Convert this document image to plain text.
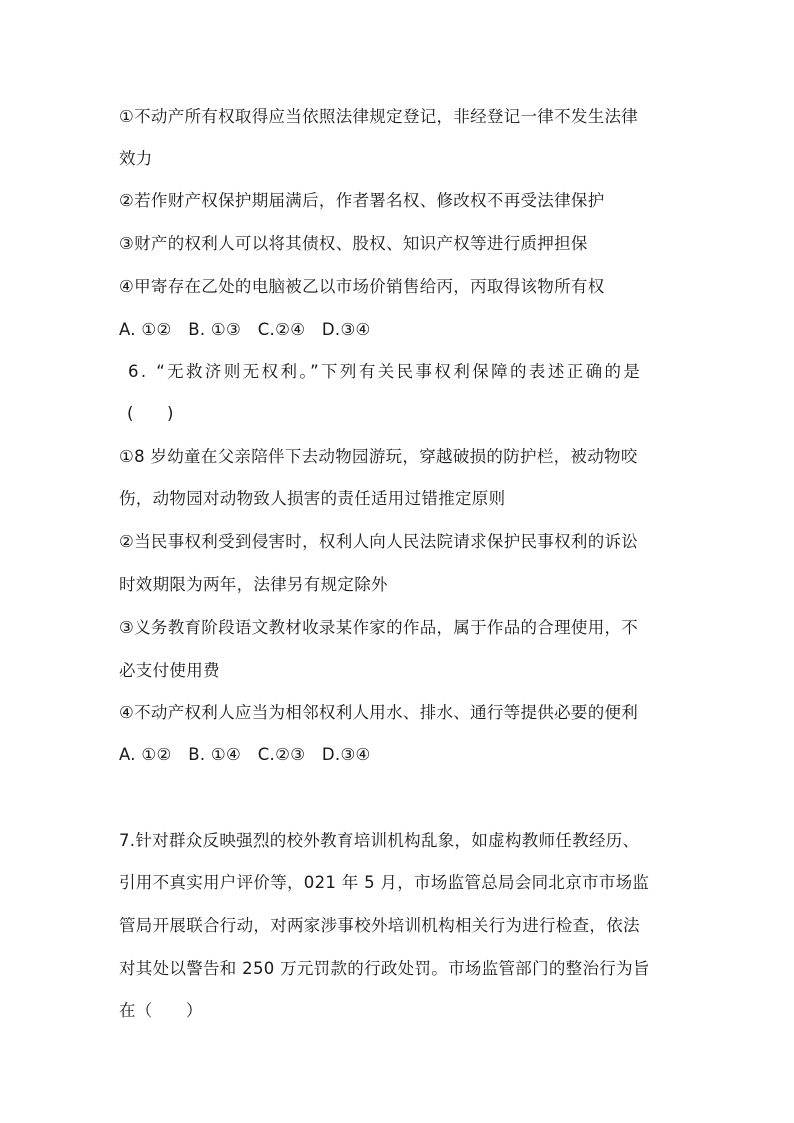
①不动产所有权取得应当依照法律规定登记，非经登记一律不发生法律
效力
②若作财产权保护期届满后，作者署名权、修改权不再受法律保护
③财产的权利人可以将其债权、股权、知识产权等进行质押担保
④甲寄存在乙处的电脑被乙以市场价销售给丙，丙取得该物所有权
A. ①②   B. ①③   C.②④   D.③④
6. “无救济则无权利。”下列有关民事权利保障的表述正确的是
(      )
①8 岁幼童在父亲陪伴下去动物园游玩，穿越破损的防护栏，被动物咬
伤，动物园对动物致人损害的责任适用过错推定原则
②当民事权利受到侵害时，权利人向人民法院请求保护民事权利的诉讼
时效期限为两年，法律另有规定除外
③义务教育阶段语文教材收录某作家的作品，属于作品的合理使用，不
必支付使用费
④不动产权利人应当为相邻权利人用水、排水、通行等提供必要的便利
A. ①②   B. ①④   C.②③   D.③④
7.针对群众反映强烈的校外教育培训机构乱象，如虚构教师任教经历、
引用不真实用户评价等，021 年 5 月，市场监管总局会同北京市市场监
管局开展联合行动，对两家涉事校外培训机构相关行为进行检查，依法
对其处以警告和 250 万元罚款的行政处罚。市场监管部门的整治行为旨
在（      ）
